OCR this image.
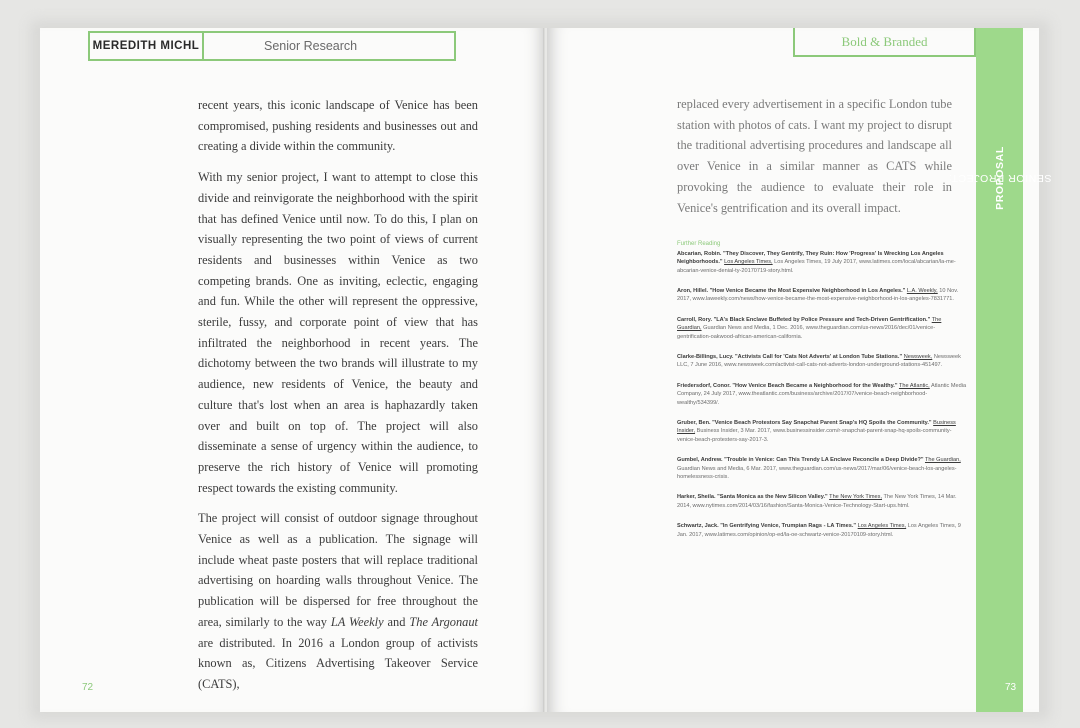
MEREDITH MICHL	Senior Research

recent years, this iconic landscape of Venice has been compromised, pushing residents and businesses out and creating a divide within the community.

With my senior project, I want to attempt to close this divide and reinvigorate the neighborhood with the spirit that has defined Venice until now. To do this, I plan on visually representing the two point of views of current residents and businesses within Venice as two competing brands. One as inviting, eclectic, engaging and fun. While the other will represent the oppressive, sterile, fussy, and corporate point of view that has infiltrated the neighborhood in recent years. The dichotomy between the two brands will illustrate to my audience, new residents of Venice, the beauty and culture that's lost when an area is haphazardly taken over and built on top of. The project will also disseminate a sense of urgency within the audience, to preserve the rich history of Venice will promoting respect towards the existing community.

The project will consist of outdoor signage throughout Venice as well as a publication. The signage will include wheat paste posters that will replace traditional advertising on hoarding walls throughout Venice. The publication will be dispersed for free throughout the area, similarly to the way LA Weekly and The Argonaut are distributed. In 2016 a London group of activists known as, Citizens Advertising Takeover Service (CATS),

72
Bold & Branded
SENIOR PROJECT:
PROPOSAL
replaced every advertisement in a specific London tube station with photos of cats. I want my project to disrupt the traditional advertising procedures and landscape all over Venice in a similar manner as CATS while provoking the audience to evaluate their role in Venice's gentrification and its overall impact.
Further Reading
Abcarian, Robin. "They Discover, They Gentrify, They Ruin: How 'Progress' Is Wrecking Los Angeles Neighborhoods." Los Angeles Times, Los Angeles Times, 19 July 2017, www.latimes.com/local/abcarian/la-me-abcarian-venice-denial-ty-20170719-story.html.
Aron, Hillel. "How Venice Became the Most Expensive Neighborhood in Los Angeles." L.A. Weekly, 10 Nov. 2017, www.laweekly.com/news/how-venice-became-the-most-expensive-neighborhood-in-los-angeles-7831771.
Carroll, Rory. "LA's Black Enclave Buffeted by Police Pressure and Tech-Driven Gentrification." The Guardian, Guardian News and Media, 1 Dec. 2016, www.theguardian.com/us-news/2016/dec/01/venice-gentrification-oakwood-african-american-california.
Clarke-Billings, Lucy. "Activists Call for 'Cats Not Adverts' at London Tube Stations." Newsweek, Newsweek LLC, 7 June 2016, www.newsweek.com/activist-call-cats-not-adverts-london-underground-stations-451497.
Friedersdorf, Conor. "How Venice Beach Became a Neighborhood for the Wealthy." The Atlantic, Atlantic Media Company, 24 July 2017, www.theatlantic.com/business/archive/2017/07/venice-beach-neighborhood-wealthy/534399/.
Gruber, Ben. "Venice Beach Protestors Say Snapchat Parent Snap's HQ Spoils the Community." Business Insider, Business Insider, 3 Mar. 2017, www.businessinsider.com/r-snapchat-parent-snap-hq-spoils-community-venice-beach-protesters-say-2017-3.
Gumbel, Andrew. "Trouble in Venice: Can This Trendy LA Enclave Reconcile a Deep Divide?" The Guardian, Guardian News and Media, 6 Mar. 2017, www.theguardian.com/us-news/2017/mar/06/venice-beach-los-angeles-homelessness-crisis.
Harker, Sheila. "Santa Monica as the New Silicon Valley." The New York Times, The New York Times, 14 Mar. 2014, www.nytimes.com/2014/03/16/fashion/Santa-Monica-Venice-Technology-Start-ups.html.
Schwartz, Jack. "In Gentrifying Venice, Trumpian Rags - LA Times." Los Angeles Times, Los Angeles Times, 9 Jan. 2017, www.latimes.com/opinion/op-ed/la-oe-schwartz-venice-20170109-story.html.
73
